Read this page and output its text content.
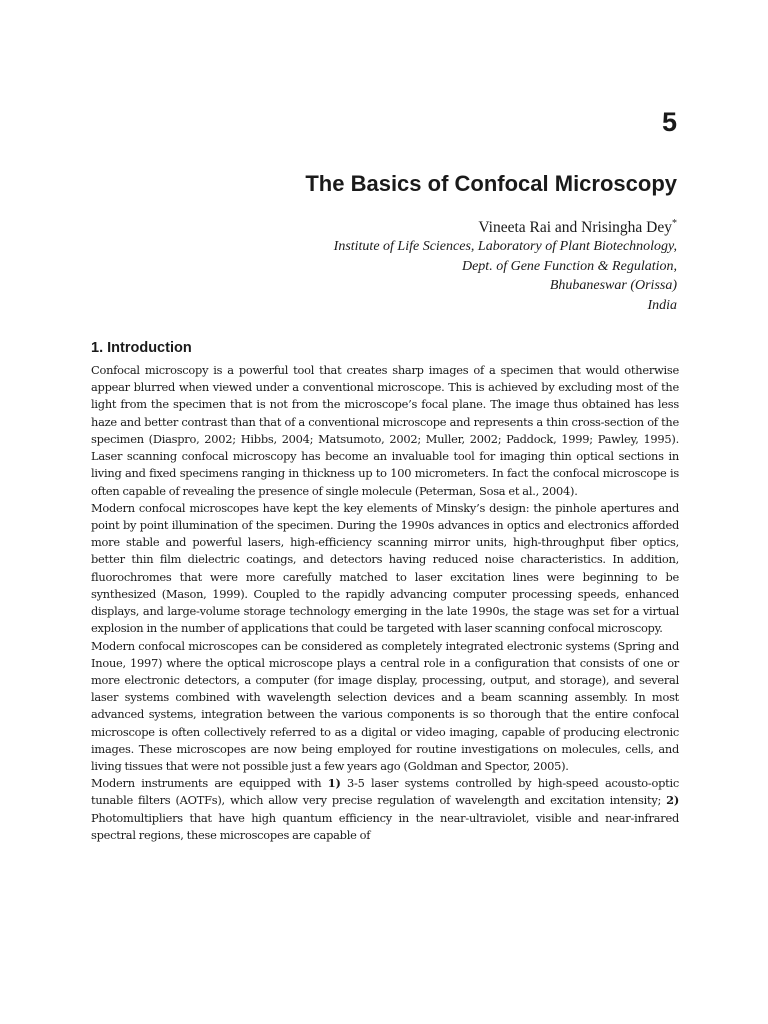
5
The Basics of Confocal Microscopy
Vineeta Rai and Nrisingha Dey*
Institute of Life Sciences, Laboratory of Plant Biotechnology,
Dept. of Gene Function & Regulation,
Bhubaneswar (Orissa)
India
1. Introduction

Confocal microscopy is a powerful tool that creates sharp images of a specimen that would otherwise appear blurred when viewed under a conventional microscope. This is achieved by excluding most of the light from the specimen that is not from the microscope’s focal plane. The image thus obtained has less haze and better contrast than that of a conventional microscope and represents a thin cross-section of the specimen (Diaspro, 2002; Hibbs, 2004; Matsumoto, 2002; Muller, 2002; Paddock, 1999; Pawley, 1995). Laser scanning confocal microscopy has become an invaluable tool for imaging thin optical sections in living and fixed specimens ranging in thickness up to 100 micrometers. In fact the confocal microscope is often capable of revealing the presence of single molecule (Peterman, Sosa et al., 2004).

Modern confocal microscopes have kept the key elements of Minsky’s design: the pinhole apertures and point by point illumination of the specimen. During the 1990s advances in optics and electronics afforded more stable and powerful lasers, high-efficiency scanning mirror units, high-throughput fiber optics, better thin film dielectric coatings, and detectors having reduced noise characteristics. In addition, fluorochromes that were more carefully matched to laser excitation lines were beginning to be synthesized (Mason, 1999). Coupled to the rapidly advancing computer processing speeds, enhanced displays, and large-volume storage technology emerging in the late 1990s, the stage was set for a virtual explosion in the number of applications that could be targeted with laser scanning confocal microscopy.

Modern confocal microscopes can be considered as completely integrated electronic systems (Spring and Inoue, 1997) where the optical microscope plays a central role in a configuration that consists of one or more electronic detectors, a computer (for image display, processing, output, and storage), and several laser systems combined with wavelength selection devices and a beam scanning assembly. In most advanced systems, integration between the various components is so thorough that the entire confocal microscope is often collectively referred to as a digital or video imaging, capable of producing electronic images. These microscopes are now being employed for routine investigations on molecules, cells, and living tissues that were not possible just a few years ago (Goldman and Spector, 2005).

Modern instruments are equipped with 1) 3-5 laser systems controlled by high-speed acousto-optic tunable filters (AOTFs), which allow very precise regulation of wavelength and excitation intensity; 2) Photomultipliers that have high quantum efficiency in the near-ultraviolet, visible and near-infrared spectral regions, these microscopes are capable of
